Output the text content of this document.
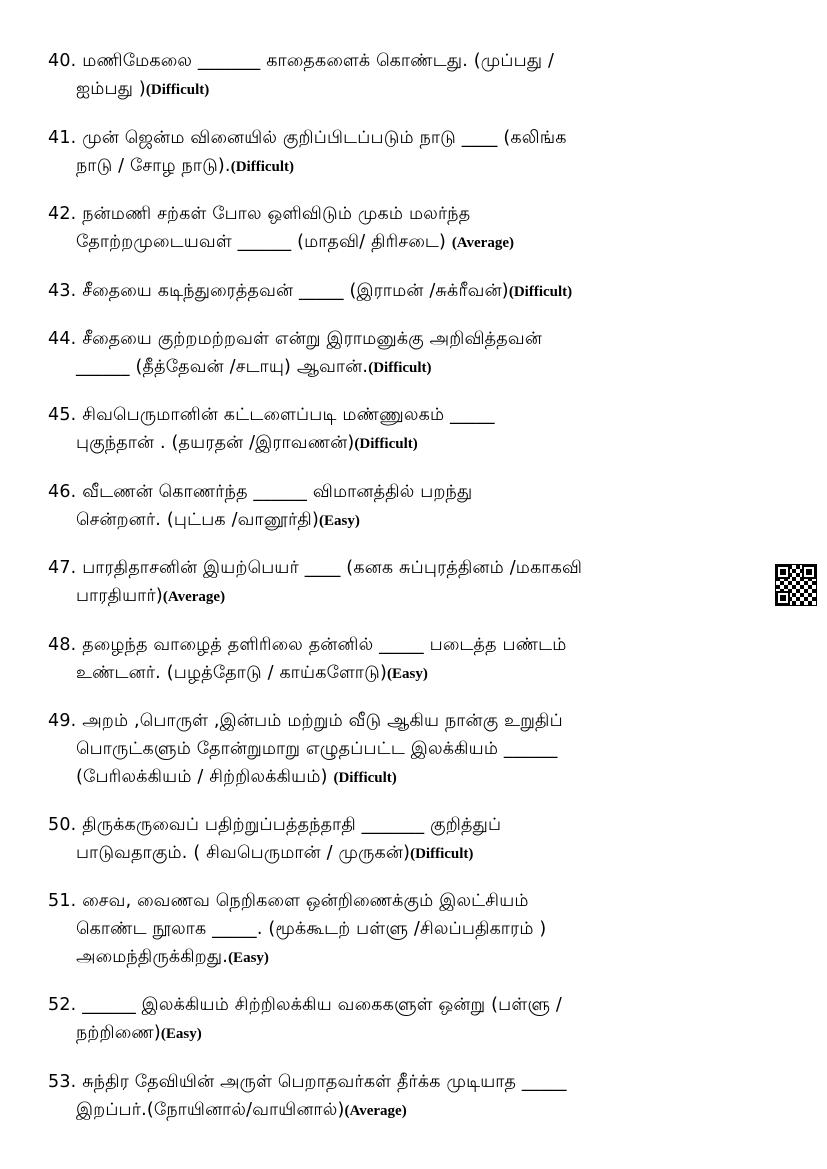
40. மணிமேகலை _______ காதைகளைக் கொண்டது. (முப்பது /
ஐம்பது )(Difficult)
41. முன் ஜென்ம வினையில் குறிப்பிடப்படும் நாடு ____ (கலிங்க
நாடு / சோழ நாடு).(Difficult)
42. நன்மணி சற்கள் போல ஒளிவிடும் முகம் மலர்ந்த
தோற்றமுடையவள் ______ (மாதவி/ திரிசடை) (Average)
43. சீதையை கடிந்துரைத்தவன் _____ (இராமன் /சுக்ரீவன்)(Difficult)
44. சீதையை குற்றமற்றவள் என்று இராமனுக்கு அறிவித்தவன்
______ (தீத்தேவன் /சடாயு) ஆவான்.(Difficult)
45. சிவபெருமானின் கட்டளைப்படி மண்ணுலகம் _____
புகுந்தான் . (தயரதன் /இராவணன்)(Difficult)
46. வீடணன் கொணர்ந்த ______ விமானத்தில் பறந்து
சென்றனர். (புட்பக /வானூர்தி)(Easy)
47. பாரதிதாசனின் இயற்பெயர் ____ (கனக சுப்புரத்தினம் /மகாகவி
பாரதியார்)(Average)
48. தழைந்த வாழைத் தளிரிலை தன்னில் _____ படைத்த பண்டம்
உண்டனர். (பழத்தோடு / காய்களோடு)(Easy)
49. அறம் ,பொருள் ,இன்பம் மற்றும் வீடு ஆகிய நான்கு உறுதிப்
பொருட்களும் தோன்றுமாறு எழுதப்பட்ட இலக்கியம் ______
(பேரிலக்கியம் / சிற்றிலக்கியம்) (Difficult)
50. திருக்கருவைப் பதிற்றுப்பத்தந்தாதி _______ குறித்துப்
பாடுவதாகும். ( சிவபெருமான் / முருகன்)(Difficult)
51. சைவ, வைணவ நெறிகளை ஒன்றிணைக்கும் இலட்சியம்
கொண்ட நூலாக _____. (மூக்கூடற் பள்ளு /சிலப்பதிகாரம் )
அமைந்திருக்கிறது.(Easy)
52. ______ இலக்கியம் சிற்றிலக்கிய வகைகளுள் ஒன்று (பள்ளு /
நற்றிணை)(Easy)
53. சுந்திர தேவியின் அருள் பெறாதவர்கள் தீர்க்க முடியாத _____
இறப்பர்.(நோயினால்/வாயினால்)(Average)
